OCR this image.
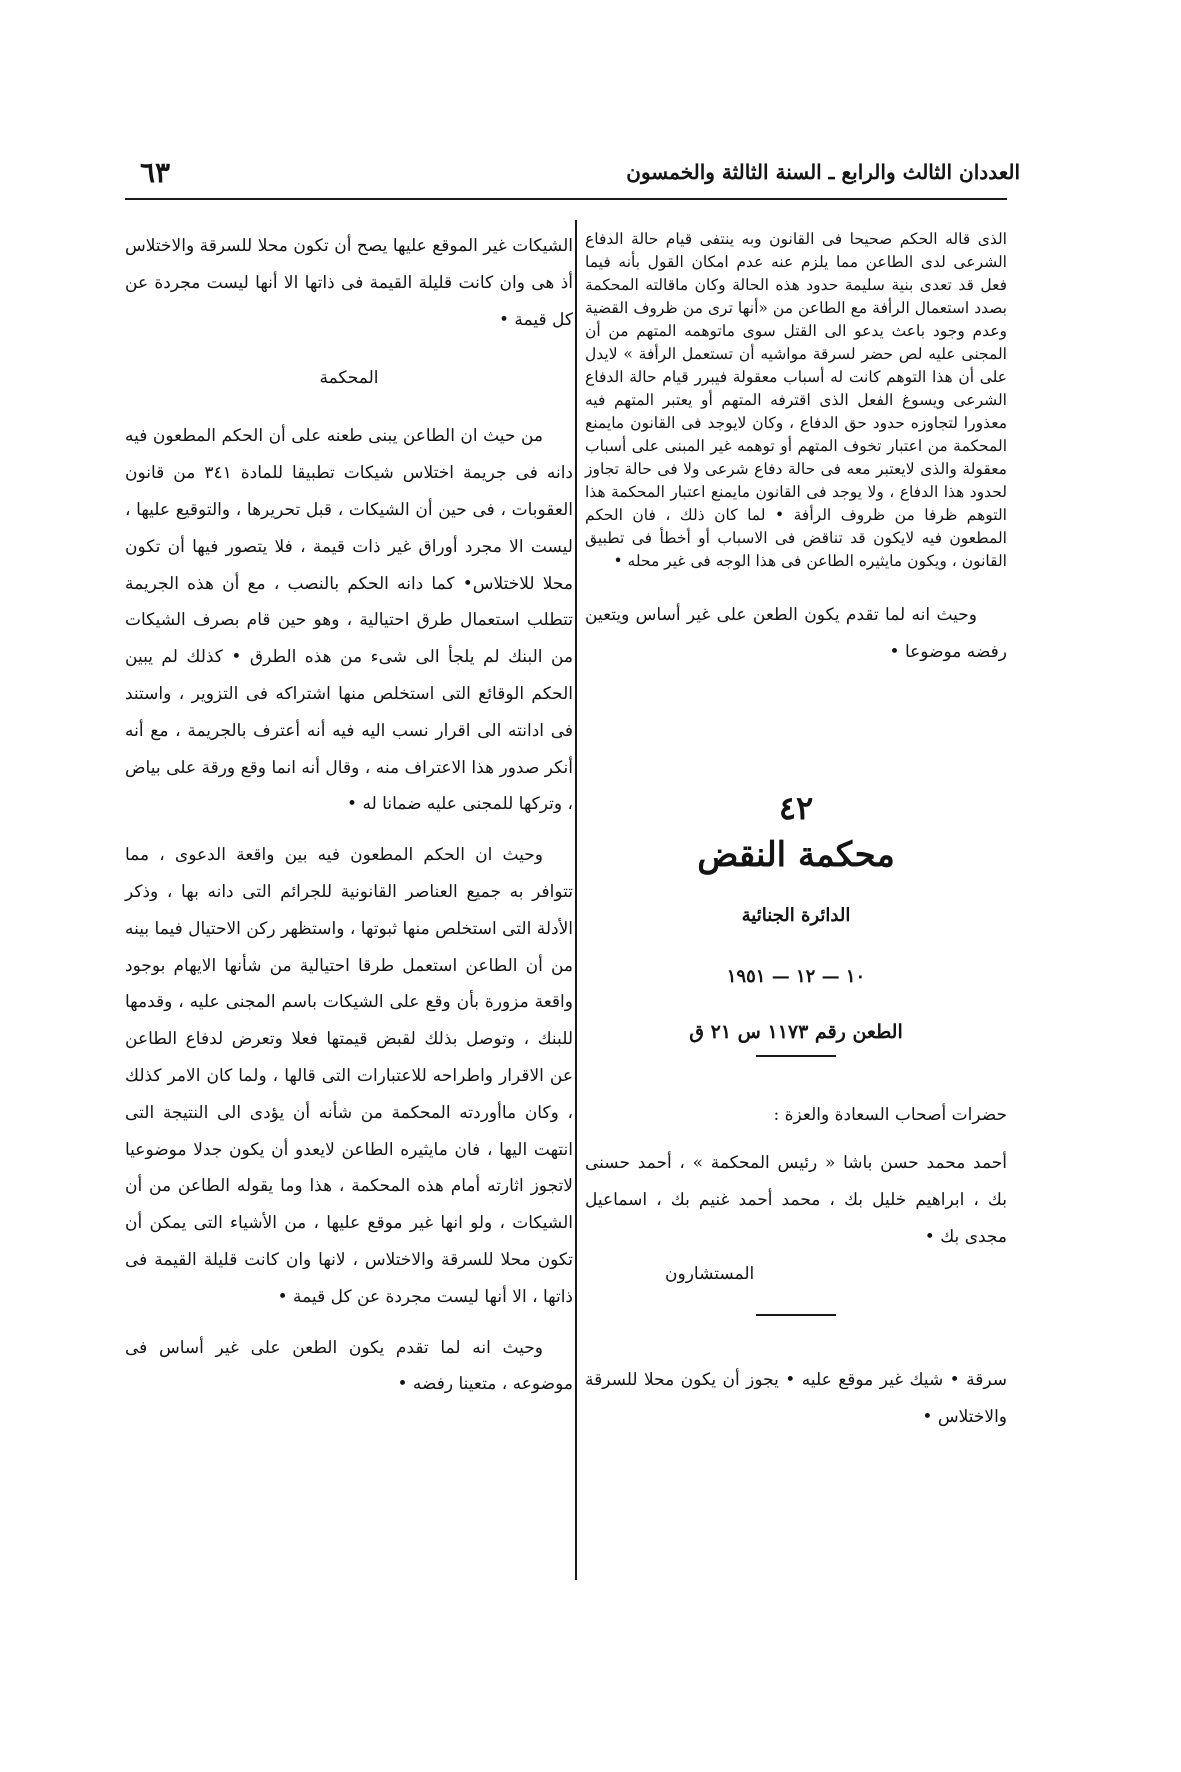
العددان الثالث والرابع ـ السنة الثالثة والخمسون
٦٣

الذى قاله الحكم صحيحا فى القانون وبه ينتفى قيام حالة الدفاع الشرعى لدى الطاعن مما يلزم عنه عدم امكان القول بأنه فيما فعل قد تعدى بنية سليمة حدود هذه الحالة وكان ماقالته المحكمة بصدد استعمال الرأفة مع الطاعن من «أنها ترى من ظروف القضية وعدم وجود باعث يدعو الى القتل سوى ماتوهمه المتهم من أن المجنى عليه لص حضر لسرقة مواشيه أن تستعمل الرأفة » لايدل على أن هذا التوهم كانت له أسباب معقولة فيبرر قيام حالة الدفاع الشرعى ويسوغ الفعل الذى اقترفه المتهم أو يعتبر المتهم فيه معذورا لتجاوزه حدود حق الدفاع ، وكان لايوجد فى القانون مايمنع المحكمة من اعتبار تخوف المتهم أو توهمه غير المبنى على أسباب معقولة والذى لايعتبر معه فى حالة دفاع شرعى ولا فى حالة تجاوز لحدود هذا الدفاع ، ولا يوجد فى القانون مايمنع اعتبار المحكمة هذا التوهم ظرفا من ظروف الرأفة • لما كان ذلك ، فان الحكم المطعون فيه لايكون قد تناقض فى الاسباب أو أخطأ فى تطبيق القانون ، ويكون مايثيره الطاعن فى هذا الوجه فى غير محله •

وحيث انه لما تقدم يكون الطعن على غير أساس ويتعين رفضه موضوعا •

٤٢
محكمة النقض
الدائرة الجنائية
١٠ — ١٢ — ١٩٥١
الطعن رقم ١١٧٣ س ٢١ ق

حضرات أصحاب السعادة والعزة :

أحمد محمد حسن باشا « رئيس المحكمة » ، أحمد حسنى بك ، ابراهيم خليل بك ، محمد أحمد غنيم بك ، اسماعيل مجدى بك •

المستشارون

سرقة • شيك غير موقع عليه • يجوز أن يكون محلا للسرقة والاختلاس •

الشيكات غير الموقع عليها يصح أن تكون محلا للسرقة والاختلاس أذ هى وان كانت قليلة القيمة فى ذاتها الا أنها ليست مجردة عن كل قيمة •

المحكمة

من حيث ان الطاعن يبنى طعنه على أن الحكم المطعون فيه دانه فى جريمة اختلاس شيكات تطبيقا للمادة ٣٤١ من قانون العقوبات ، فى حين أن الشيكات ، قبل تحريرها ، والتوقيع عليها ، ليست الا مجرد أوراق غير ذات قيمة ، فلا يتصور فيها أن تكون محلا للاختلاس• كما دانه الحكم بالنصب ، مع أن هذه الجريمة تتطلب استعمال طرق احتيالية ، وهو حين قام بصرف الشيكات من البنك لم يلجأ الى شىء من هذه الطرق • كذلك لم يبين الحكم الوقائع التى استخلص منها اشتراكه فى التزوير ، واستند فى ادانته الى اقرار نسب اليه فيه أنه أعترف بالجريمة ، مع أنه أنكر صدور هذا الاعتراف منه ، وقال أنه انما وقع ورقة على بياض ، وتركها للمجنى عليه ضمانا له •

وحيث ان الحكم المطعون فيه بين واقعة الدعوى ، مما تتوافر به جميع العناصر القانونية للجرائم التى دانه بها ، وذكر الأدلة التى استخلص منها ثبوتها ، واستظهر ركن الاحتيال فيما بينه من أن الطاعن استعمل طرقا احتيالية من شأنها الايهام بوجود واقعة مزورة بأن وقع على الشيكات باسم المجنى عليه ، وقدمها للبنك ، وتوصل بذلك لقبض قيمتها فعلا وتعرض لدفاع الطاعن عن الاقرار واطراحه للاعتبارات التى قالها ، ولما كان الامر كذلك ، وكان ماأوردته المحكمة من شأنه أن يؤدى الى النتيجة التى انتهت اليها ، فان مايثيره الطاعن لايعدو أن يكون جدلا موضوعيا لاتجوز اثارته أمام هذه المحكمة ، هذا وما يقوله الطاعن من أن الشيكات ، ولو انها غير موقع عليها ، من الأشياء التى يمكن أن تكون محلا للسرقة والاختلاس ، لانها وان كانت قليلة القيمة فى ذاتها ، الا أنها ليست مجردة عن كل قيمة •

وحيث انه لما تقدم يكون الطعن على غير أساس فى موضوعه ، متعينا رفضه •
